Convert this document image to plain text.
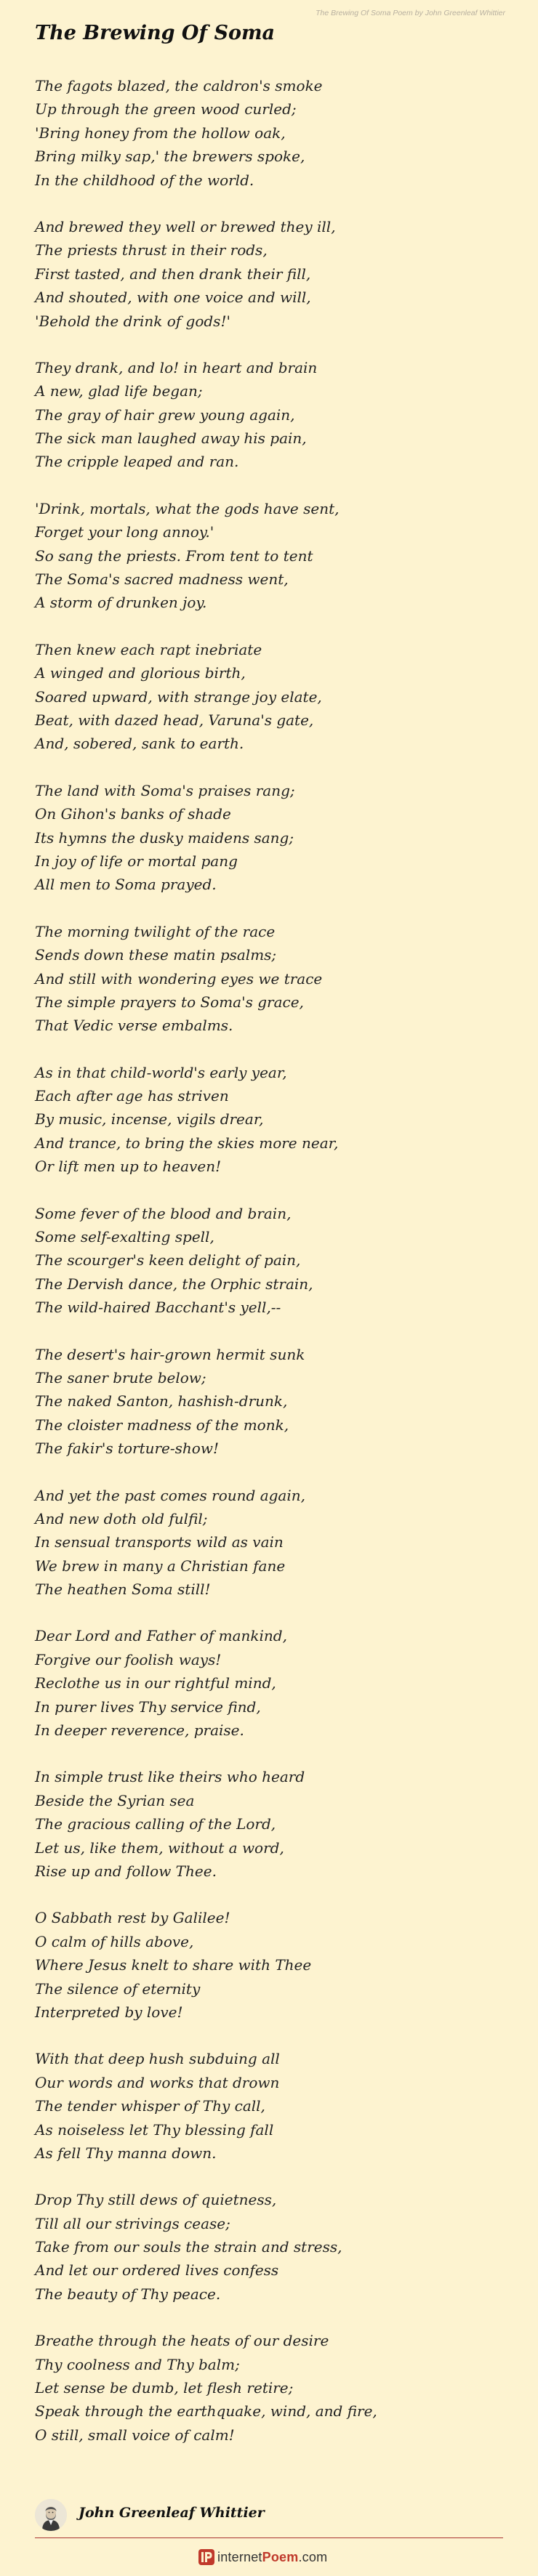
The Brewing Of Soma
The Brewing Of Soma Poem by John Greenleaf Whittier
The fagots blazed, the caldron's smoke
Up through the green wood curled;
'Bring honey from the hollow oak,
Bring milky sap,' the brewers spoke,
In the childhood of the world.
And brewed they well or brewed they ill,
The priests thrust in their rods,
First tasted, and then drank their fill,
And shouted, with one voice and will,
'Behold the drink of gods!'
They drank, and lo! in heart and brain
A new, glad life began;
The gray of hair grew young again,
The sick man laughed away his pain,
The cripple leaped and ran.
'Drink, mortals, what the gods have sent,
Forget your long annoy.'
So sang the priests. From tent to tent
The Soma's sacred madness went,
A storm of drunken joy.
Then knew each rapt inebriate
A winged and glorious birth,
Soared upward, with strange joy elate,
Beat, with dazed head, Varuna's gate,
And, sobered, sank to earth.
The land with Soma's praises rang;
On Gihon's banks of shade
Its hymns the dusky maidens sang;
In joy of life or mortal pang
All men to Soma prayed.
The morning twilight of the race
Sends down these matin psalms;
And still with wondering eyes we trace
The simple prayers to Soma's grace,
That Vedic verse embalms.
As in that child-world's early year,
Each after age has striven
By music, incense, vigils drear,
And trance, to bring the skies more near,
Or lift men up to heaven!
Some fever of the blood and brain,
Some self-exalting spell,
The scourger's keen delight of pain,
The Dervish dance, the Orphic strain,
The wild-haired Bacchant's yell,--
The desert's hair-grown hermit sunk
The saner brute below;
The naked Santon, hashish-drunk,
The cloister madness of the monk,
The fakir's torture-show!
And yet the past comes round again,
And new doth old fulfil;
In sensual transports wild as vain
We brew in many a Christian fane
The heathen Soma still!
Dear Lord and Father of mankind,
Forgive our foolish ways!
Reclothe us in our rightful mind,
In purer lives Thy service find,
In deeper reverence, praise.
In simple trust like theirs who heard
Beside the Syrian sea
The gracious calling of the Lord,
Let us, like them, without a word,
Rise up and follow Thee.
O Sabbath rest by Galilee!
O calm of hills above,
Where Jesus knelt to share with Thee
The silence of eternity
Interpreted by love!
With that deep hush subduing all
Our words and works that drown
The tender whisper of Thy call,
As noiseless let Thy blessing fall
As fell Thy manna down.
Drop Thy still dews of quietness,
Till all our strivings cease;
Take from our souls the strain and stress,
And let our ordered lives confess
The beauty of Thy peace.
Breathe through the heats of our desire
Thy coolness and Thy balm;
Let sense be dumb, let flesh retire;
Speak through the earthquake, wind, and fire,
O still, small voice of calm!
John Greenleaf Whittier
internetPoem.com
